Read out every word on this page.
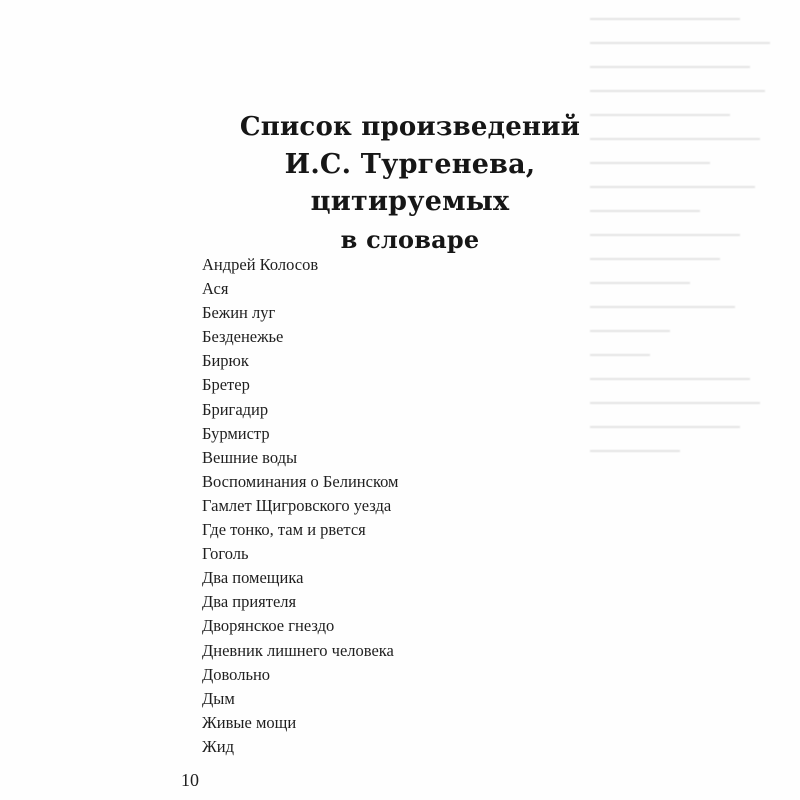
Список произведений
И.С. Тургенева, цитируемых
в словаре
Андрей Колосов
Ася
Бежин луг
Безденежье
Бирюк
Бретер
Бригадир
Бурмистр
Вешние воды
Воспоминания о Белинском
Гамлет Щигровского уезда
Где тонко, там и рвется
Гоголь
Два помещика
Два приятеля
Дворянское гнездо
Дневник лишнего человека
Довольно
Дым
Живые мощи
Жид
10
